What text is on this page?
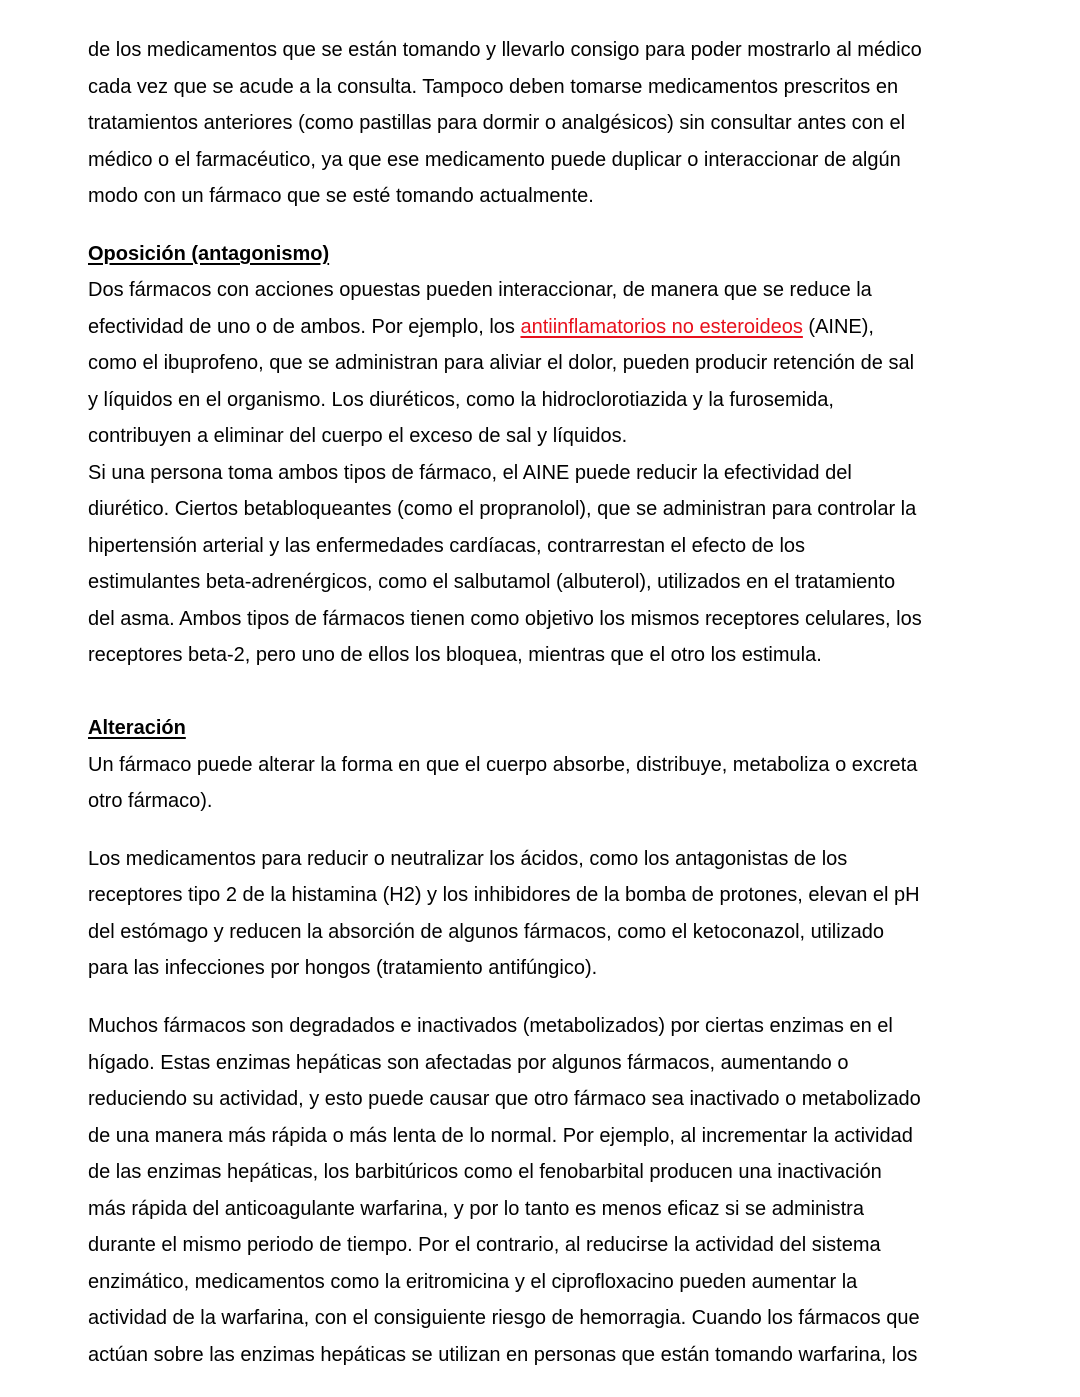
de los medicamentos que se están tomando y llevarlo consigo para poder mostrarlo al médico
cada vez que se acude a la consulta. Tampoco deben tomarse medicamentos prescritos en
tratamientos anteriores (como pastillas para dormir o analgésicos) sin consultar antes con el
médico o el farmacéutico, ya que ese medicamento puede duplicar o interaccionar de algún
modo con un fármaco que se esté tomando actualmente.
Oposición (antagonismo)
Dos fármacos con acciones opuestas pueden interaccionar, de manera que se reduce la
efectividad de uno o de ambos. Por ejemplo, los antiinflamatorios no esteroideos (AINE),
como el ibuprofeno, que se administran para aliviar el dolor, pueden producir retención de sal
y líquidos en el organismo. Los diuréticos, como la hidroclorotiazida y la furosemida,
contribuyen a eliminar del cuerpo el exceso de sal y líquidos.
Si una persona toma ambos tipos de fármaco, el AINE puede reducir la efectividad del
diurético. Ciertos betabloqueantes (como el propranolol), que se administran para controlar la
hipertensión arterial y las enfermedades cardíacas, contrarrestan el efecto de los
estimulantes beta-adrenérgicos, como el salbutamol (albuterol), utilizados en el tratamiento
del asma. Ambos tipos de fármacos tienen como objetivo los mismos receptores celulares, los
receptores beta-2, pero uno de ellos los bloquea, mientras que el otro los estimula.
Alteración
Un fármaco puede alterar la forma en que el cuerpo absorbe, distribuye, metaboliza o excreta
otro fármaco).
Los medicamentos para reducir o neutralizar los ácidos, como los antagonistas de los
receptores tipo 2 de la histamina (H2) y los inhibidores de la bomba de protones, elevan el pH
del estómago y reducen la absorción de algunos fármacos, como el ketoconazol, utilizado
para las infecciones por hongos (tratamiento antifúngico).
Muchos fármacos son degradados e inactivados (metabolizados) por ciertas enzimas en el
hígado. Estas enzimas hepáticas son afectadas por algunos fármacos, aumentando o
reduciendo su actividad, y esto puede causar que otro fármaco sea inactivado o metabolizado
de una manera más rápida o más lenta de lo normal. Por ejemplo, al incrementar la actividad
de las enzimas hepáticas, los barbitúricos como el fenobarbital producen una inactivación
más rápida del anticoagulante warfarina, y por lo tanto es menos eficaz si se administra
durante el mismo periodo de tiempo. Por el contrario, al reducirse la actividad del sistema
enzimático, medicamentos como la eritromicina y el ciprofloxacino pueden aumentar la
actividad de la warfarina, con el consiguiente riesgo de hemorragia. Cuando los fármacos que
actúan sobre las enzimas hepáticas se utilizan en personas que están tomando warfarina, los
